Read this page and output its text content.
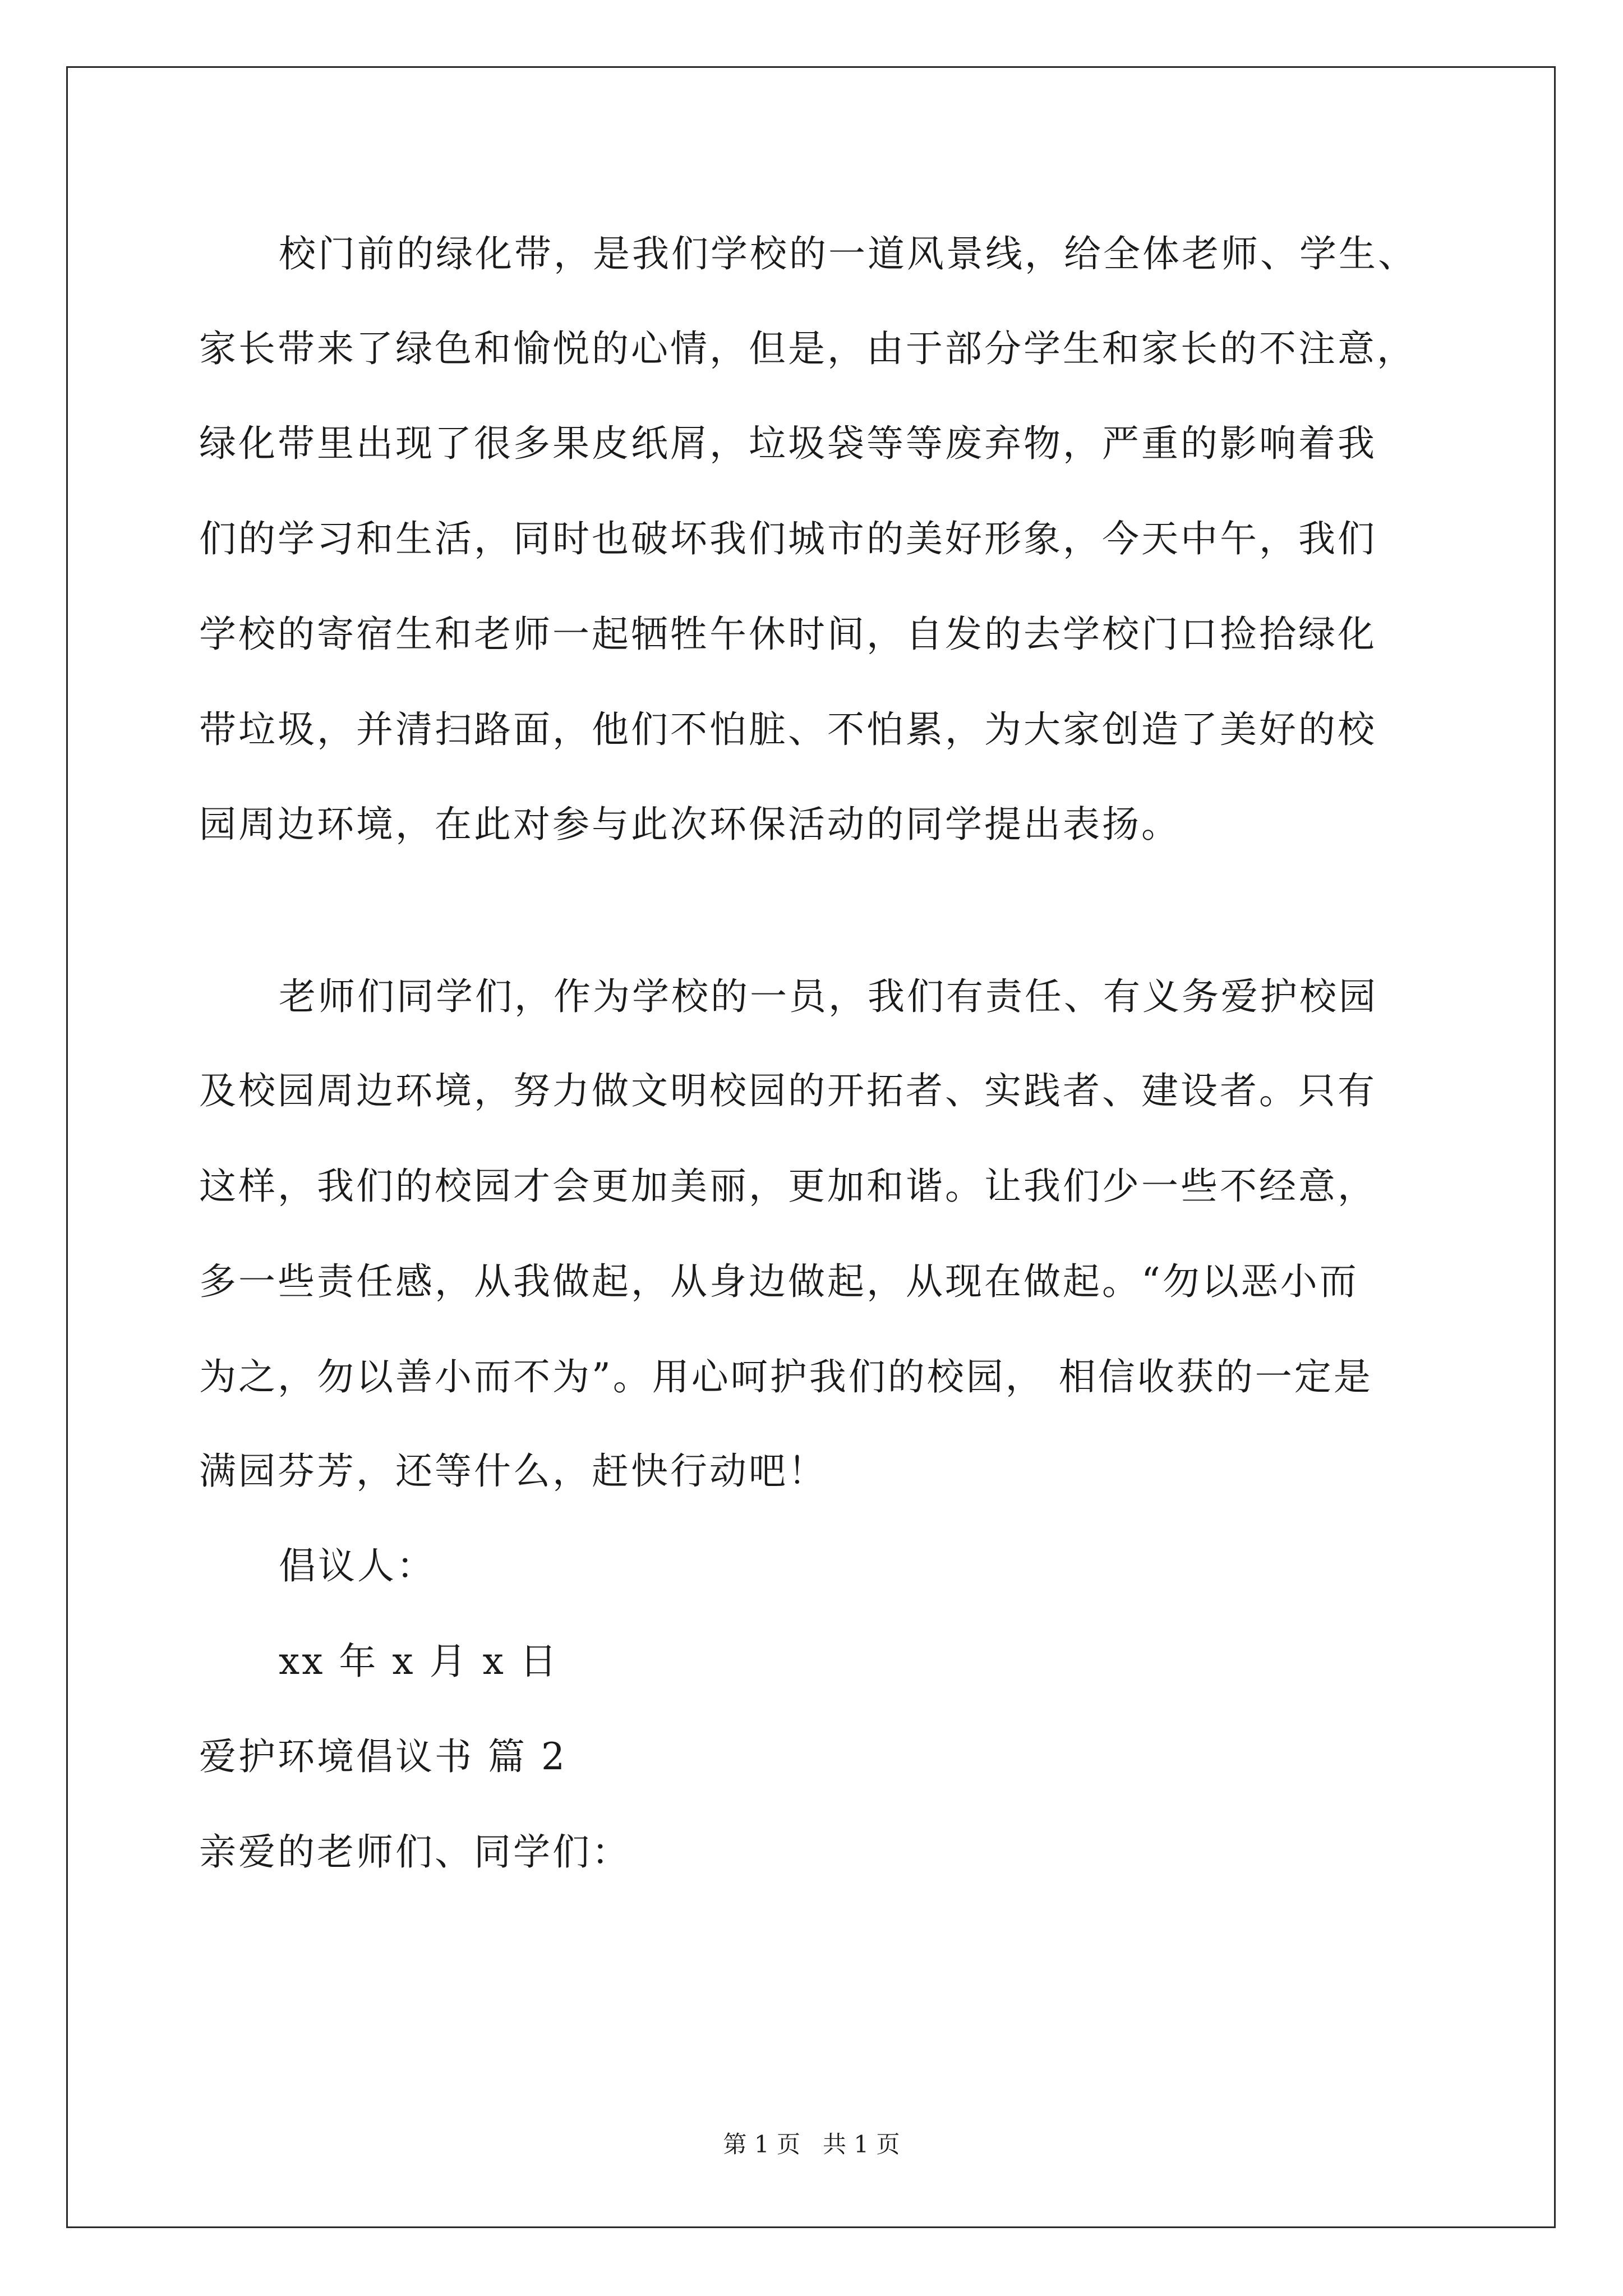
校门前的绿化带，是我们学校的一道风景线，给全体老师、学生、
家长带来了绿色和愉悦的心情，但是，由于部分学生和家长的不注意，
绿化带里出现了很多果皮纸屑，垃圾袋等等废弃物，严重的影响着我
们的学习和生活，同时也破坏我们城市的美好形象，今天中午，我们
学校的寄宿生和老师一起牺牲午休时间，自发的去学校门口捡拾绿化
带垃圾，并清扫路面，他们不怕脏、不怕累，为大家创造了美好的校
园周边环境，在此对参与此次环保活动的同学提出表扬。
老师们同学们，作为学校的一员，我们有责任、有义务爱护校园
及校园周边环境，努力做文明校园的开拓者、实践者、建设者。只有
这样，我们的校园才会更加美丽，更加和谐。让我们少一些不经意，
多一些责任感，从我做起，从身边做起，从现在做起。“勿以恶小而
为之，勿以善小而不为”。用心呵护我们的校园， 相信收获的一定是
满园芬芳，还等什么，赶快行动吧！
倡议人：
xx 年 x 月 x 日
爱护环境倡议书 篇 2
亲爱的老师们、同学们：
第 1 页   共 1 页
